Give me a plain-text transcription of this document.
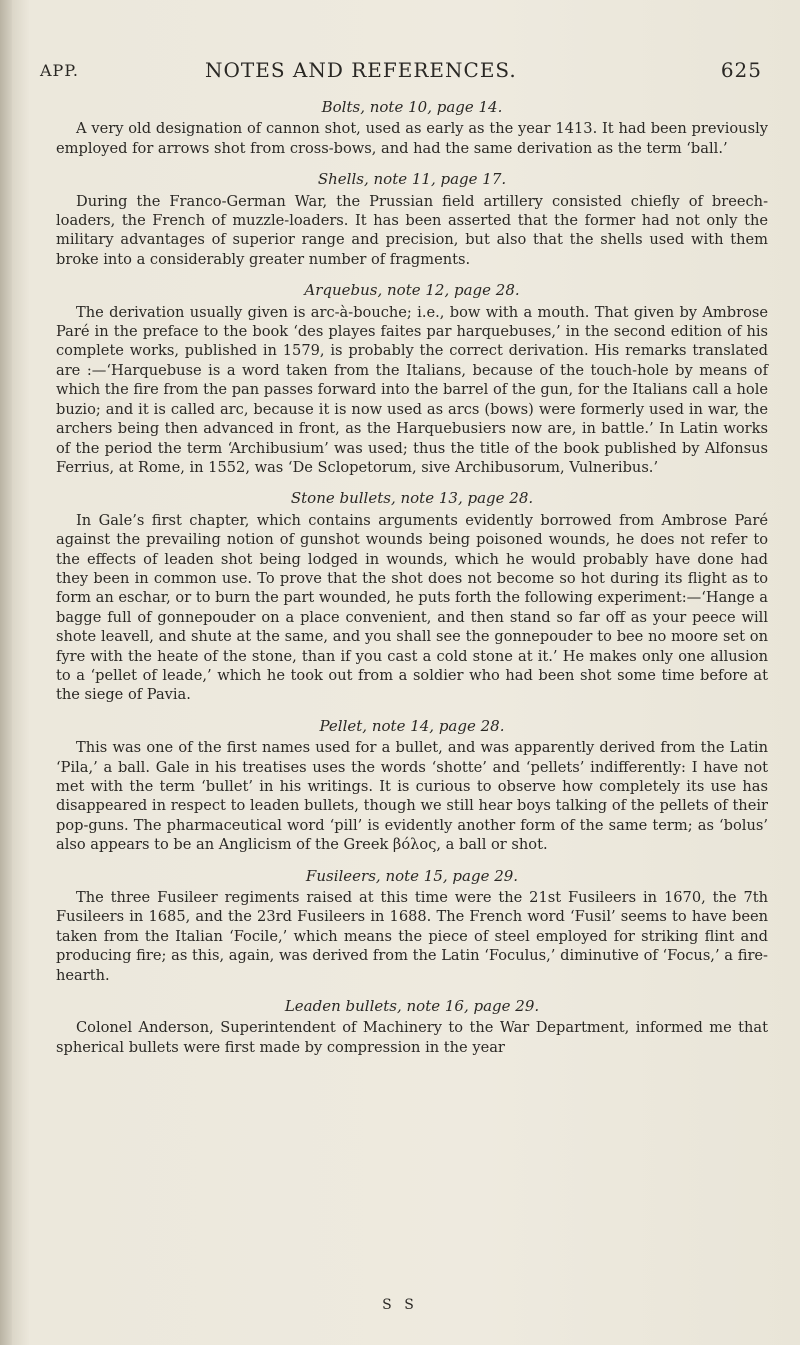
APP.	NOTES AND REFERENCES.	625
Bolts, note 10, page 14.

A very old designation of cannon shot, used as early as the year 1413. It had been previously employed for arrows shot from cross-bows, and had the same derivation as the term ‘ball.’

Shells, note 11, page 17.

During the Franco-German War, the Prussian field artillery consisted chiefly of breech-loaders, the French of muzzle-loaders. It has been asserted that the former had not only the military advantages of superior range and precision, but also that the shells used with them broke into a considerably greater number of fragments.

Arquebus, note 12, page 28.

The derivation usually given is arc-à-bouche; i.e., bow with a mouth. That given by Ambrose Paré in the preface to the book ‘des playes faites par harquebuses,’ in the second edition of his complete works, published in 1579, is probably the correct derivation. His remarks translated are :—‘Harquebuse is a word taken from the Italians, because of the touch-hole by means of which the fire from the pan passes forward into the barrel of the gun, for the Italians call a hole buzio; and it is called arc, because it is now used as arcs (bows) were formerly used in war, the archers being then advanced in front, as the Harquebusiers now are, in battle.’ In Latin works of the period the term ‘Archibusium’ was used; thus the title of the book published by Alfonsus Ferrius, at Rome, in 1552, was ‘De Sclopetorum, sive Archibusorum, Vulneribus.’

Stone bullets, note 13, page 28.

In Gale’s first chapter, which contains arguments evidently borrowed from Ambrose Paré against the prevailing notion of gunshot wounds being poisoned wounds, he does not refer to the effects of leaden shot being lodged in wounds, which he would probably have done had they been in common use. To prove that the shot does not become so hot during its flight as to form an eschar, or to burn the part wounded, he puts forth the following experiment:—‘Hange a bagge full of gonnepouder on a place convenient, and then stand so far off as your peece will shote leavell, and shute at the same, and you shall see the gonnepouder to bee no moore set on fyre with the heate of the stone, than if you cast a cold stone at it.’ He makes only one allusion to a ‘pellet of leade,’ which he took out from a soldier who had been shot some time before at the siege of Pavia.

Pellet, note 14, page 28.

This was one of the first names used for a bullet, and was apparently derived from the Latin ‘Pila,’ a ball. Gale in his treatises uses the words ‘shotte’ and ‘pellets’ indifferently: I have not met with the term ‘bullet’ in his writings. It is curious to observe how completely its use has disappeared in respect to leaden bullets, though we still hear boys talking of the pellets of their pop-guns. The pharmaceutical word ‘pill’ is evidently another form of the same term; as ‘bolus’ also appears to be an Anglicism of the Greek βόλος, a ball or shot.

Fusileers, note 15, page 29.

The three Fusileer regiments raised at this time were the 21st Fusileers in 1670, the 7th Fusileers in 1685, and the 23rd Fusileers in 1688. The French word ‘Fusil’ seems to have been taken from the Italian ‘Focile,’ which means the piece of steel employed for striking flint and producing fire; as this, again, was derived from the Latin ‘Foculus,’ diminutive of ‘Focus,’ a fire-hearth.

Leaden bullets, note 16, page 29.

Colonel Anderson, Superintendent of Machinery to the War Department, informed me that spherical bullets were first made by compression in the year

S S
